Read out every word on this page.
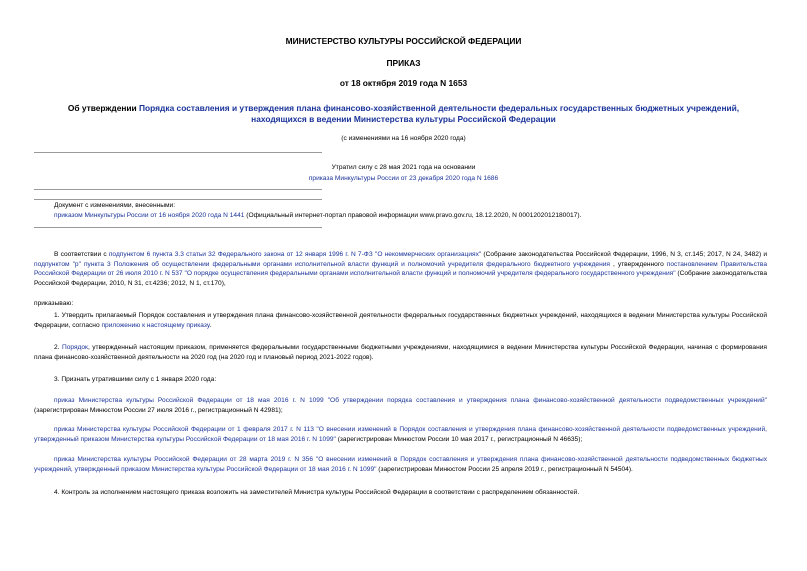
МИНИСТЕРСТВО КУЛЬТУРЫ РОССИЙСКОЙ ФЕДЕРАЦИИ
ПРИКАЗ
от 18 октября 2019 года N 1653
Об утверждении Порядка составления и утверждения плана финансово-хозяйственной деятельности федеральных государственных бюджетных учреждений,
находящихся в ведении Министерства культуры Российской Федерации
(с изменениями на 16 ноября 2020 года)
Утратил силу с 28 мая 2021 года на основании
приказа Минкультуры России от 23 декабря 2020 года N 1686
Документ с изменениями, внесенными:
приказом Минкультуры России от 16 ноября 2020 года N 1441 (Официальный интернет-портал правовой информации www.pravo.gov.ru, 18.12.2020, N 0001202012180017).
В соответствии с подпунктом 6 пункта 3.3 статьи 32 Федерального закона от 12 января 1996 г. N 7-ФЗ "О некоммерческих организациях" (Собрание законодательства Российской Федерации, 1996, N 3, ст.145; 2017, N 24, 3482) и подпунктом "р" пункта 3 Положения об осуществлении федеральными органами исполнительной власти функций и полномочий учредителя федерального бюджетного учреждения , утвержденного постановлением Правительства Российской Федерации от 26 июля 2010 г. N 537 "О порядке осуществления федеральными органами исполнительной власти функций и полномочий учредителя федерального государственного учреждения" (Собрание законодательства Российской Федерации, 2010, N 31, ст.4236; 2012, N 1, ст.170),
приказываю:
1. Утвердить прилагаемый Порядок составления и утверждения плана финансово-хозяйственной деятельности федеральных государственных бюджетных учреждений, находящихся в ведении Министерства культуры Российской Федерации, согласно приложению к настоящему приказу.
2. Порядок, утвержденный настоящим приказом, применяется федеральными государственными бюджетными учреждениями, находящимися в ведении Министерства культуры Российской Федерации, начиная с формирования плана финансово-хозяйственной деятельности на 2020 год (на 2020 год и плановый период 2021-2022 годов).
3. Признать утратившими силу с 1 января 2020 года:
приказ Министерства культуры Российской Федерации от 18 мая 2016 г. N 1099 "Об утверждении порядка составления и утверждения плана финансово-хозяйственной деятельности подведомственных учреждений" (зарегистрирован Минюстом России 27 июля 2016 г., регистрационный N 42981);
приказ Министерства культуры Российской Федерации от 1 февраля 2017 г. N 113 "О внесении изменений в Порядок составления и утверждения плана финансово-хозяйственной деятельности подведомственных учреждений, утвержденный приказом Министерства культуры Российской Федерации от 18 мая 2016 г. N 1099" (зарегистрирован Минюстом России 10 мая 2017 г., регистрационный N 46635);
приказ Министерства культуры Российской Федерации от 28 марта 2019 г. N 356 "О внесении изменений в Порядок составления и утверждения плана финансово-хозяйственной деятельности подведомственных бюджетных учреждений, утвержденный приказом Министерства культуры Российской Федерации от 18 мая 2016 г. N 1099" (зарегистрирован Минюстом России 25 апреля 2019 г., регистрационный N 54504).
4. Контроль за исполнением настоящего приказа возложить на заместителей Министра культуры Российской Федерации в соответствии с распределением обязанностей.
